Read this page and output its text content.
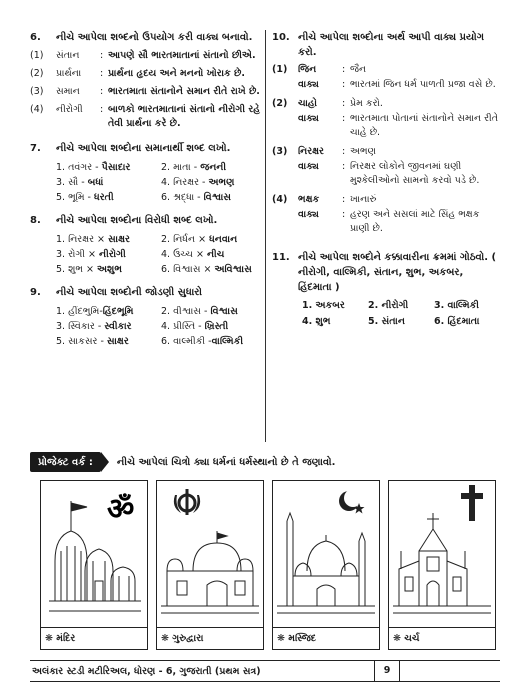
6.	નીચે આપેલા શબ્દનો ઉપયોગ કરી વાક્ય બનાવો.
(1)	સંતાન	: આપણે સૌ ભારતમાતાનાં સંતાનો છીએ.
(2)	પ્રાર્થના	: પ્રાર્થના હૃદય અને મનનો ખોરાક છે.
(3)	સમાન	: ભારતમાતા સંતાનોને સમાન રીતે રાખે છે.
(4)	નીરોગી	: બાળકો ભારતમાતાનાં સંતાનો નીરોગી રહે તેવી પ્રાર્થના કરે છે.
7.	નીચે આપેલા શબ્દોના સમાનાર્થી શબ્દ લખો.
1. તવંગર - પૈસાદાર	2. માતા - જનની
3. સૌ - બધાં	4. નિરક્ષર - અભણ
5. ભૂમિ - ધરતી	6. શ્રદ્ધા - વિશ્વાસ
8.	નીચે આપેલા શબ્દોના વિરોધી શબ્દ લખો.
1. નિરક્ષર × સાક્ષર	2. નિર્ધન × ધનવાન
3. રોગી × નીરોગી	4. ઉચ્ચ × નીચ
5. શુભ × અશુભ	6. વિશ્વાસ × અવિશ્વાસ
9.	નીચે આપેલા શબ્દોની જોડણી સુધારો
1. હીંદભુમિ-હિંદભૂમિ	2. વીશ્વાસ - વિશ્વાસ
3. સ્વિકાર - સ્વીકાર	4. પ્રીસ્તિ - ખ્રિસ્તી
5. સાકસર - સાક્ષર	6. વાલ્મીકી -વાલ્મિકી
10. નીચે આપેલા શબ્દોના અર્થ આપી વાક્ય પ્રયોગ કરો.
(1)	જિન	: જૈન
વાક્ય	: ભારતમાં જિન ધર્મ પાળતી પ્રજા વસે છે.
(2)	ચાહો	: પ્રેમ કરો.
વાક્ય	: ભારતમાતા પોતાનાં સંતાનોને સમાન રીતે ચાહે છે.
(3)	નિરક્ષર	: અભણ
વાક્ય	: નિરક્ષર લોકોને જીવનમાં ઘણી મુશ્કેલીઓનો સામનો કરવો પડે છે.
(4)	ભક્ષક	: ખાનારું
વાક્ય	: હરણ અને સસલાં માટે સિંહ ભક્ષક પ્રાણી છે.
11. નીચે આપેલા શબ્દોને કક્કાવારીના ક્રમમાં ગોઠવો. ( નીરોગી, વાલ્મિકી, સંતાન, શુભ, અકબર, હિંદમાતા )
1. અકબર	2. નીરોગી	3. વાલ્મિકી
4. શુભ	5. સંતાન	6. હિંદમાતા
પ્રોજેક્ટ વર્ક :	નીચે આપેલાં ચિત્રો ક્યા ધર્મનાં ધર્મસ્થાનો છે તે જણાવો.
ॐ
❋ મંદિર	❋ ગુરુદ્વારા	❋ મસ્જિદ	❋ ચર્ચ
અલંકાર સ્ટડી મટીરિઅલ, ધોરણ - 6, ગુજરાતી (પ્રથમ સત્ર)	9
